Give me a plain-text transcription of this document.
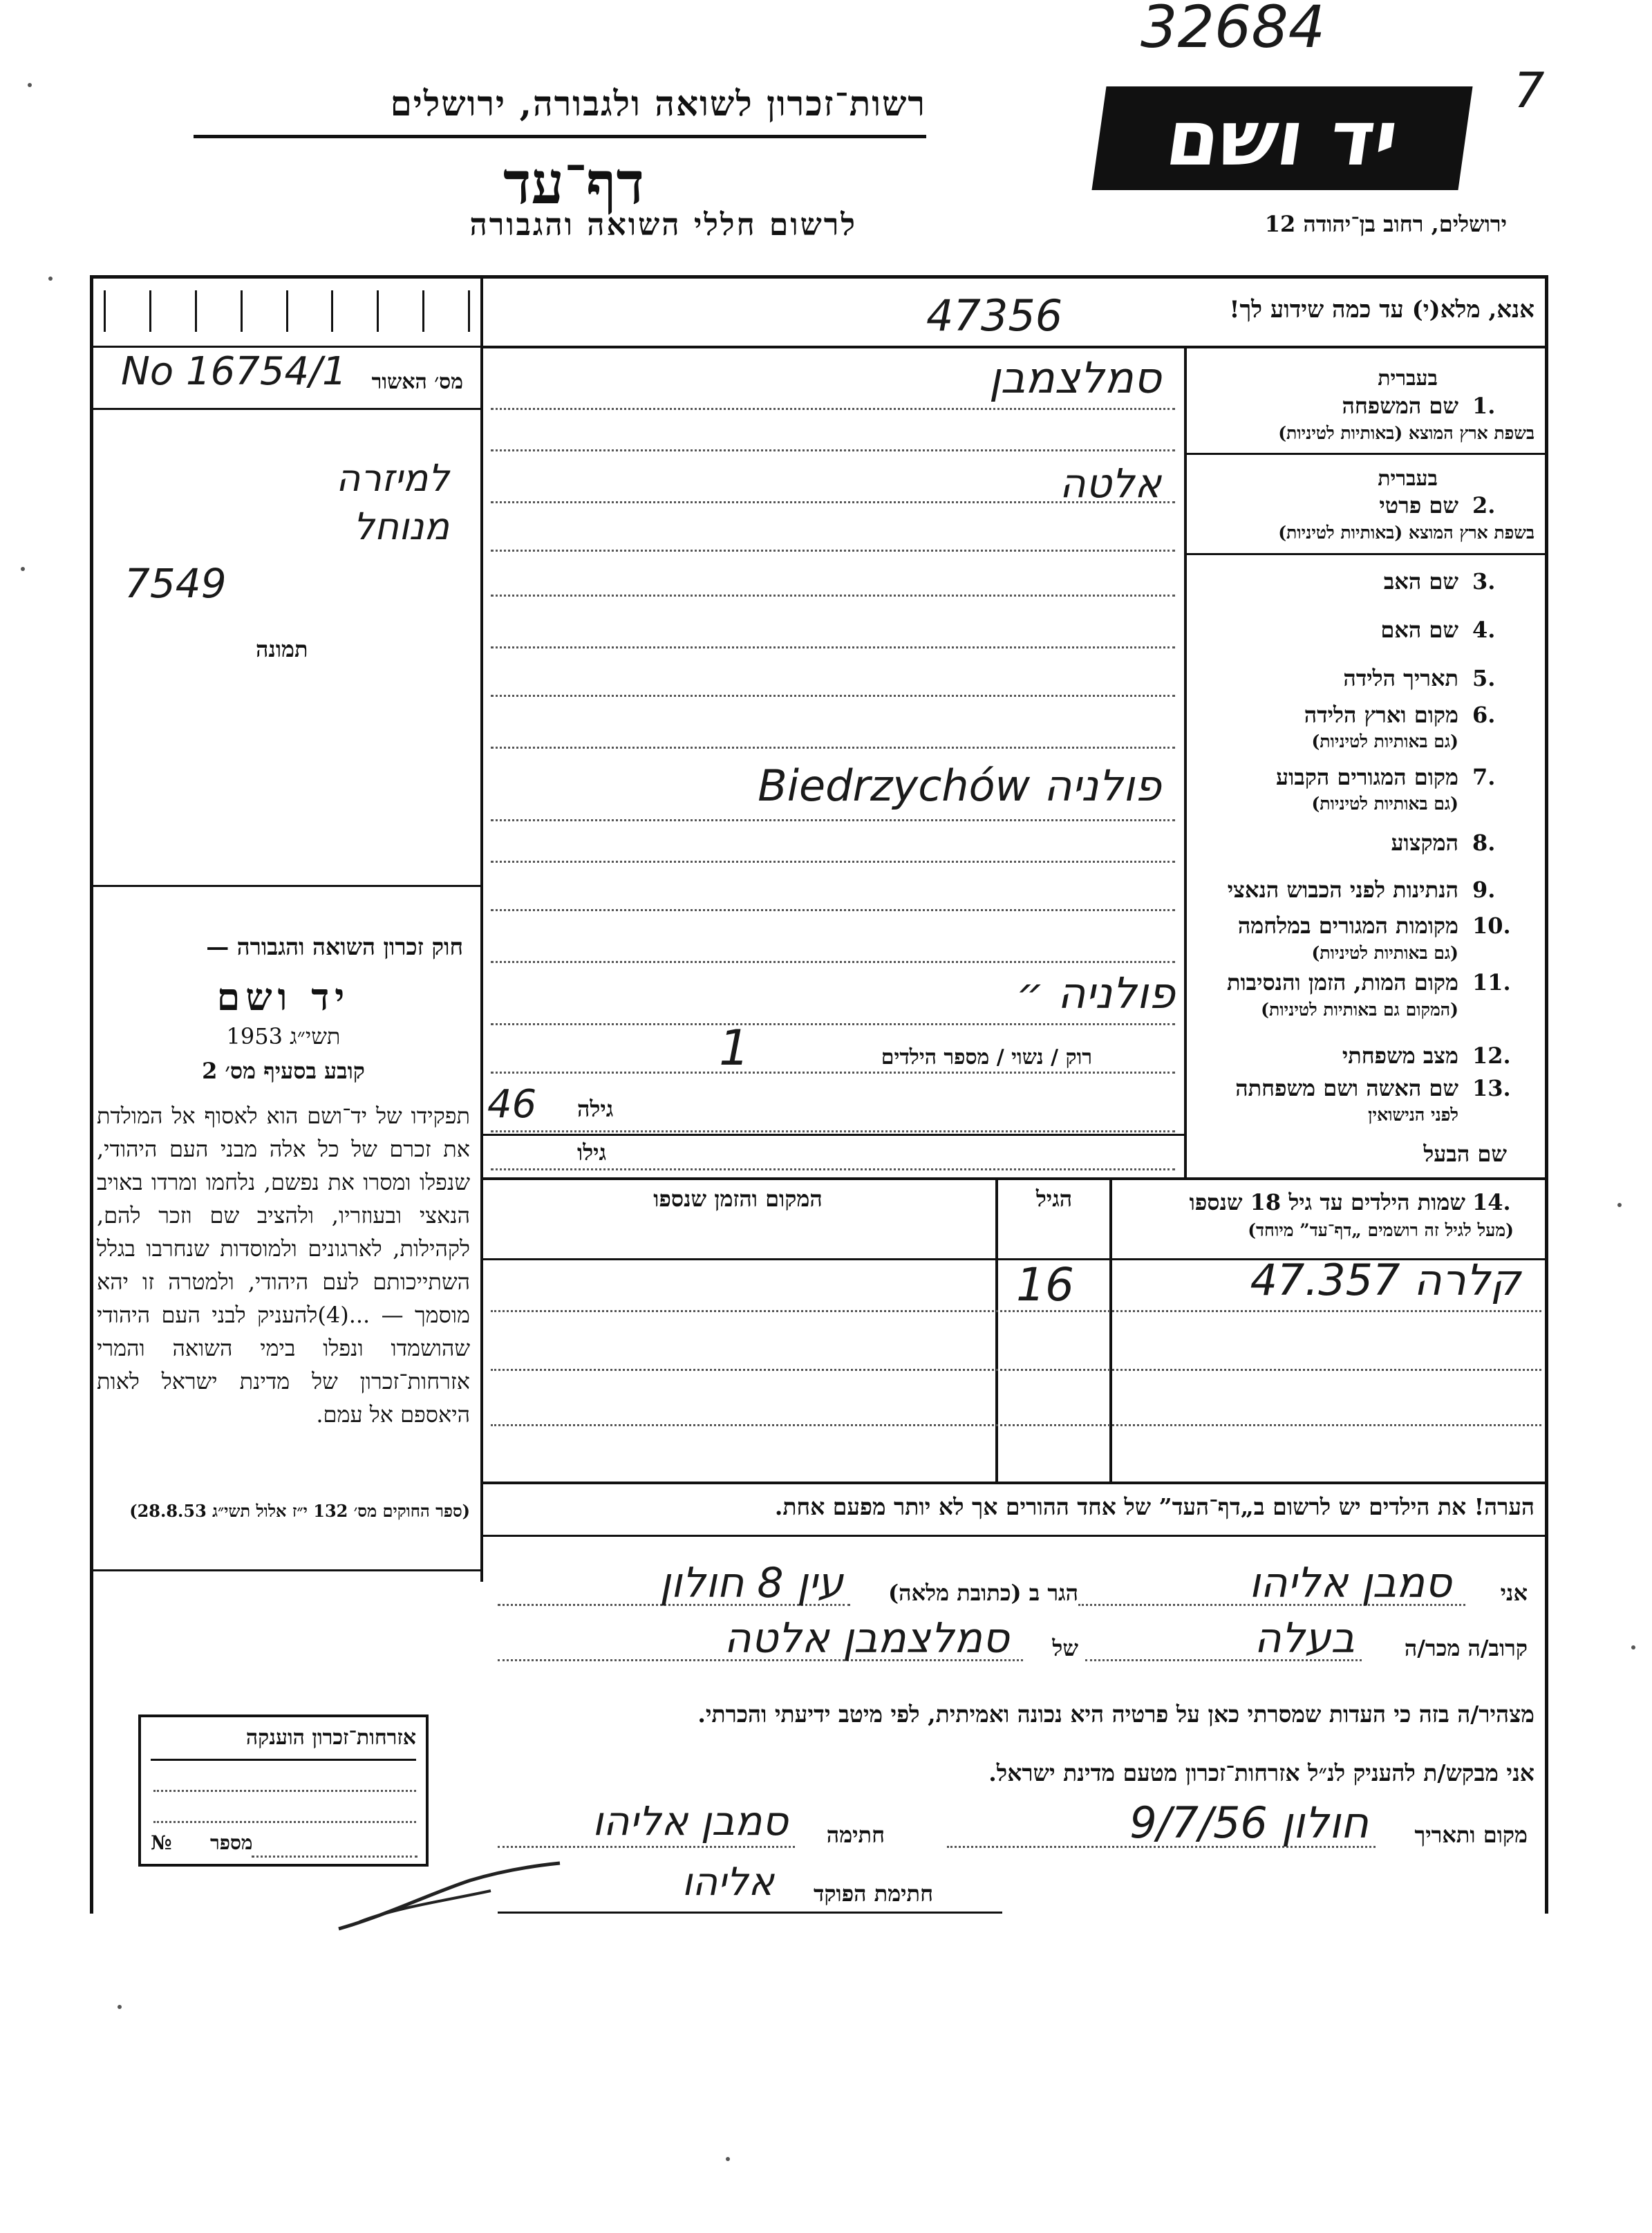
32684
7
רשות־זכרון לשואה ולגבורה, ירושלים
דף־עד
לרשום חללי השואה והגבורה
יד ושם
ירושלים, רחוב בן־יהודה 12
מס׳ האשור
No 16754/1
למיזרה
מנוחל
7549
תמונה
חוק זכרון השואה והגבורה —
יד ושם
תשי״ג 1953
קובע בסעיף מס׳ 2
תפקידו של יד־ושם הוא לאסוף אל המולדת את זכרם של כל אלה מבני העם היהודי, שנפלו ומסרו את נפשם, נלחמו ומרדו באויב הנאצי ובעוזריו, ולהציב שם וזכר להם, לקהילות, לארגונים ולמוסדות שנחרבו בגלל השתייכותם לעם היהודי, ולמטרה זו יהא מוסמך — ...(4)להעניק לבני העם היהודי שהושמדו ונפלו בימי השואה והמרי אזרחות־זכרון של מדינת ישראל לאות היאספם אל עמם.
(ספר החוקים מס׳ 132 י״ז אלול תשי״ג 28.8.53)
אנא, מלא(י) עד כמה שידוע לך!
47356
בעברית
שם המשפחה 1.
בשפת ארץ המוצא (באותיות לטיניות)
סמלצמבן
בעברית
שם פרטי 2.
בשפת ארץ המוצא (באותיות לטיניות)
אלטה
שם האב 3.
שם האם 4.
תאריך הלידה 5.
מקום וארץ הלידה 6.
(גם באותיות לטיניות)
מקום המגורים הקבוע 7.
(גם באותיות לטיניות)
פולניה Biedrzychów
המקצוע 8.
הנתינות לפני הכבוש הנאצי 9.
מקומות המגורים במלחמה 10.
(גם באותיות לטיניות)
מקום המות, הזמן והנסיבות 11.
(המקום גם באותיות לטיניות)
פולניה ״
מצב משפחתי 12.
רוק / נשוי / מספר הילדים
1
שם האשה ושם משפחתה 13.
לפני הנישואין
גילה
46
שם הבעל
גילו
שמות הילדים עד גיל 18 שנספו 14.
(מעל לגיל זה רושמים „דף־עד” מיוחד)
הגיל
המקום והזמן שנספו
קלרה 47.357
16
הערה! את הילדים יש לרשום ב„דף־העד” של אחד ההורים אך לא יותר מפעם אחת.
אני
סמבן אליהו
הגר ב (כתובת מלאה)
עין 8 חולון
קרוב/ה מכר/ה
בעלה
של
סמלצמבן אלטה
מצהיר/ה בזה כי העדות שמסרתי כאן על פרטיה היא נכונה ואמיתית, לפי מיטב ידיעתי והכרתי.
אני מבקש/ת להעניק לנ״ל אזרחות־זכרון מטעם מדינת ישראל.
מקום ותאריך
חולון 9/7/56
חתימה
סמבן אליהו
חתימת הפוקד
אליהו
אזרחות־זכרון הוענקה
№ מספר
